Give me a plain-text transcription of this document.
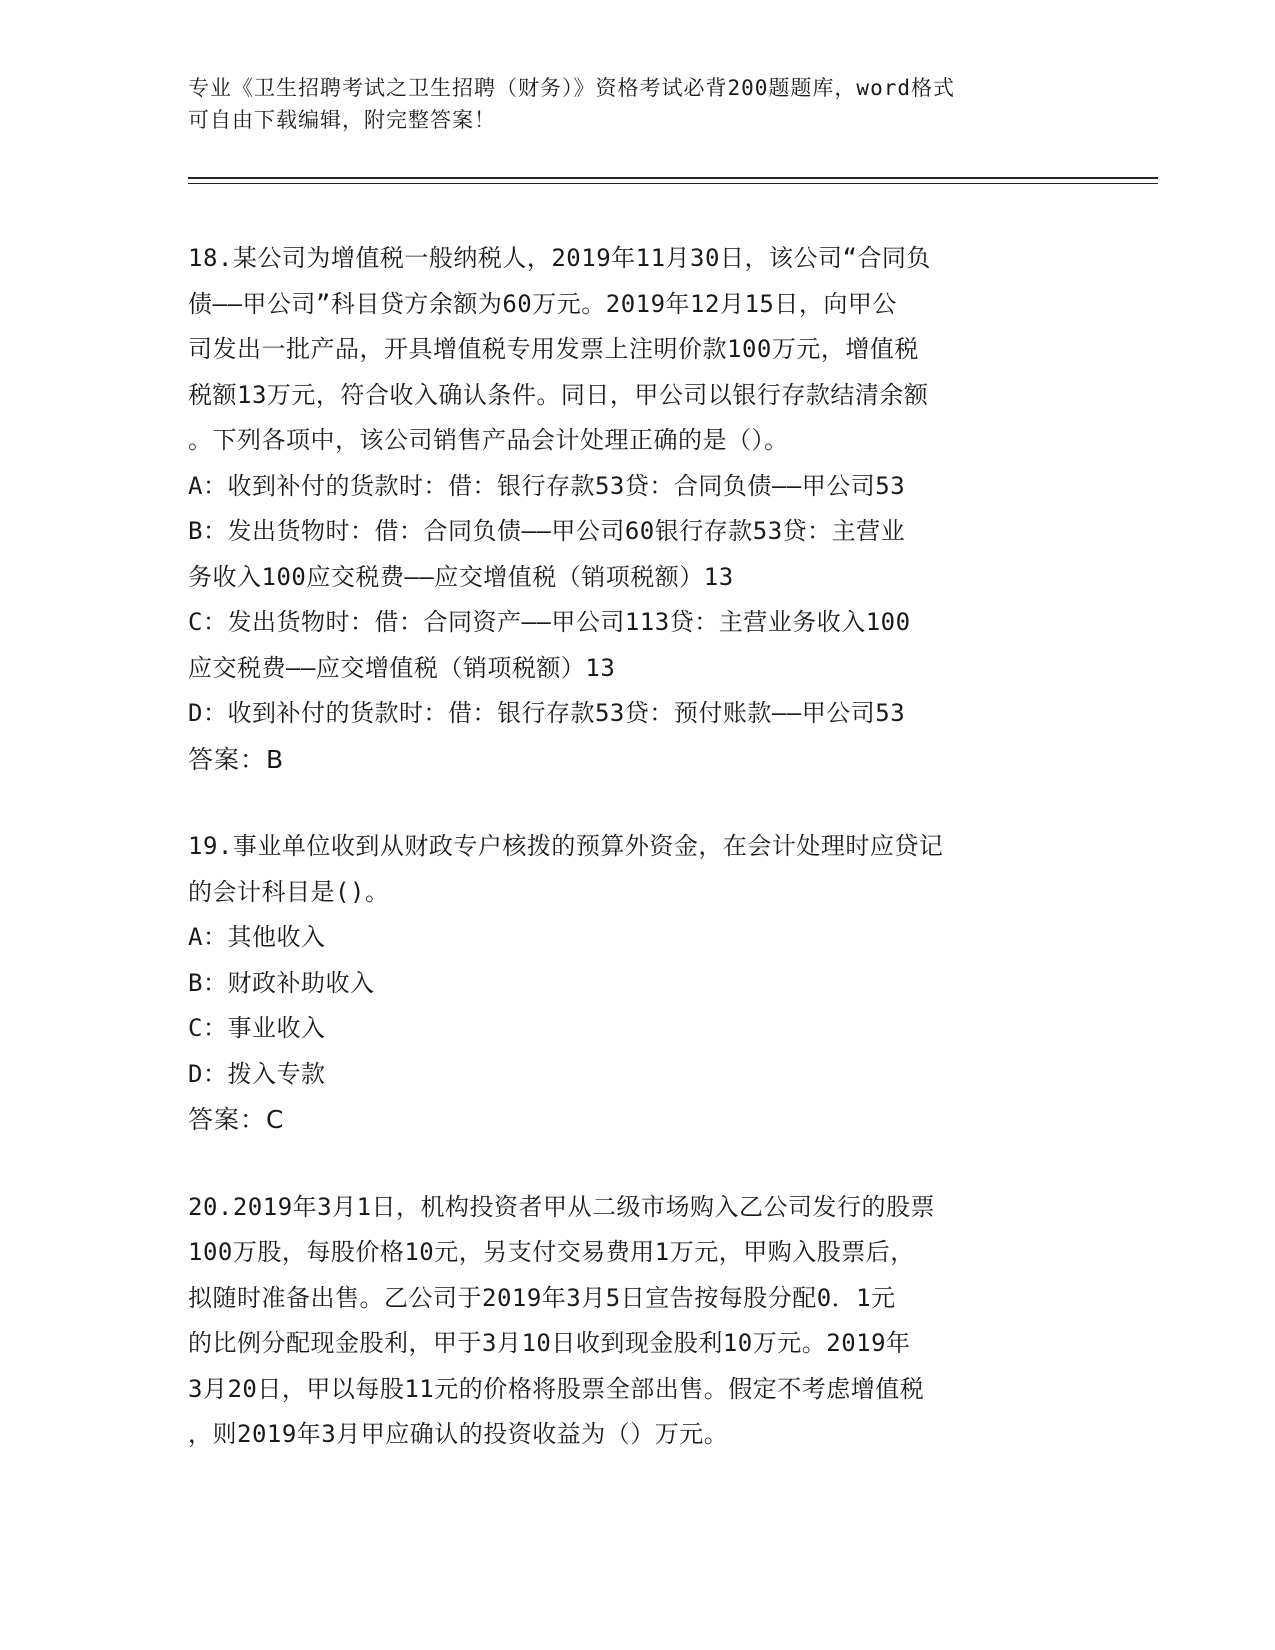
专业《卫生招聘考试之卫生招聘（财务）》资格考试必背200题题库，word格式
可自由下载编辑，附完整答案！
18.某公司为增值税一般纳税人，2019年11月30日，该公司“合同负
债——甲公司”科目贷方余额为60万元。2019年12月15日，向甲公
司发出一批产品，开具增值税专用发票上注明价款100万元，增值税
税额13万元，符合收入确认条件。同日，甲公司以银行存款结清余额
。下列各项中，该公司销售产品会计处理正确的是（）。
A：收到补付的货款时：借：银行存款53贷：合同负债——甲公司53
B：发出货物时：借：合同负债——甲公司60银行存款53贷：主营业
务收入100应交税费——应交增值税（销项税额）13
C：发出货物时：借：合同资产——甲公司113贷：主营业务收入100
应交税费——应交增值税（销项税额）13
D：收到补付的货款时：借：银行存款53贷：预付账款——甲公司53
答案：B
19.事业单位收到从财政专户核拨的预算外资金，在会计处理时应贷记
的会计科目是()。
A：其他收入
B：财政补助收入
C：事业收入
D：拨入专款
答案：C
20.2019年3月1日，机构投资者甲从二级市场购入乙公司发行的股票
100万股，每股价格10元，另支付交易费用1万元，甲购入股票后，
拟随时准备出售。乙公司于2019年3月5日宣告按每股分配0．1元
的比例分配现金股利，甲于3月10日收到现金股利10万元。2019年
3月20日，甲以每股11元的价格将股票全部出售。假定不考虑增值税
，则2019年3月甲应确认的投资收益为（）万元。
